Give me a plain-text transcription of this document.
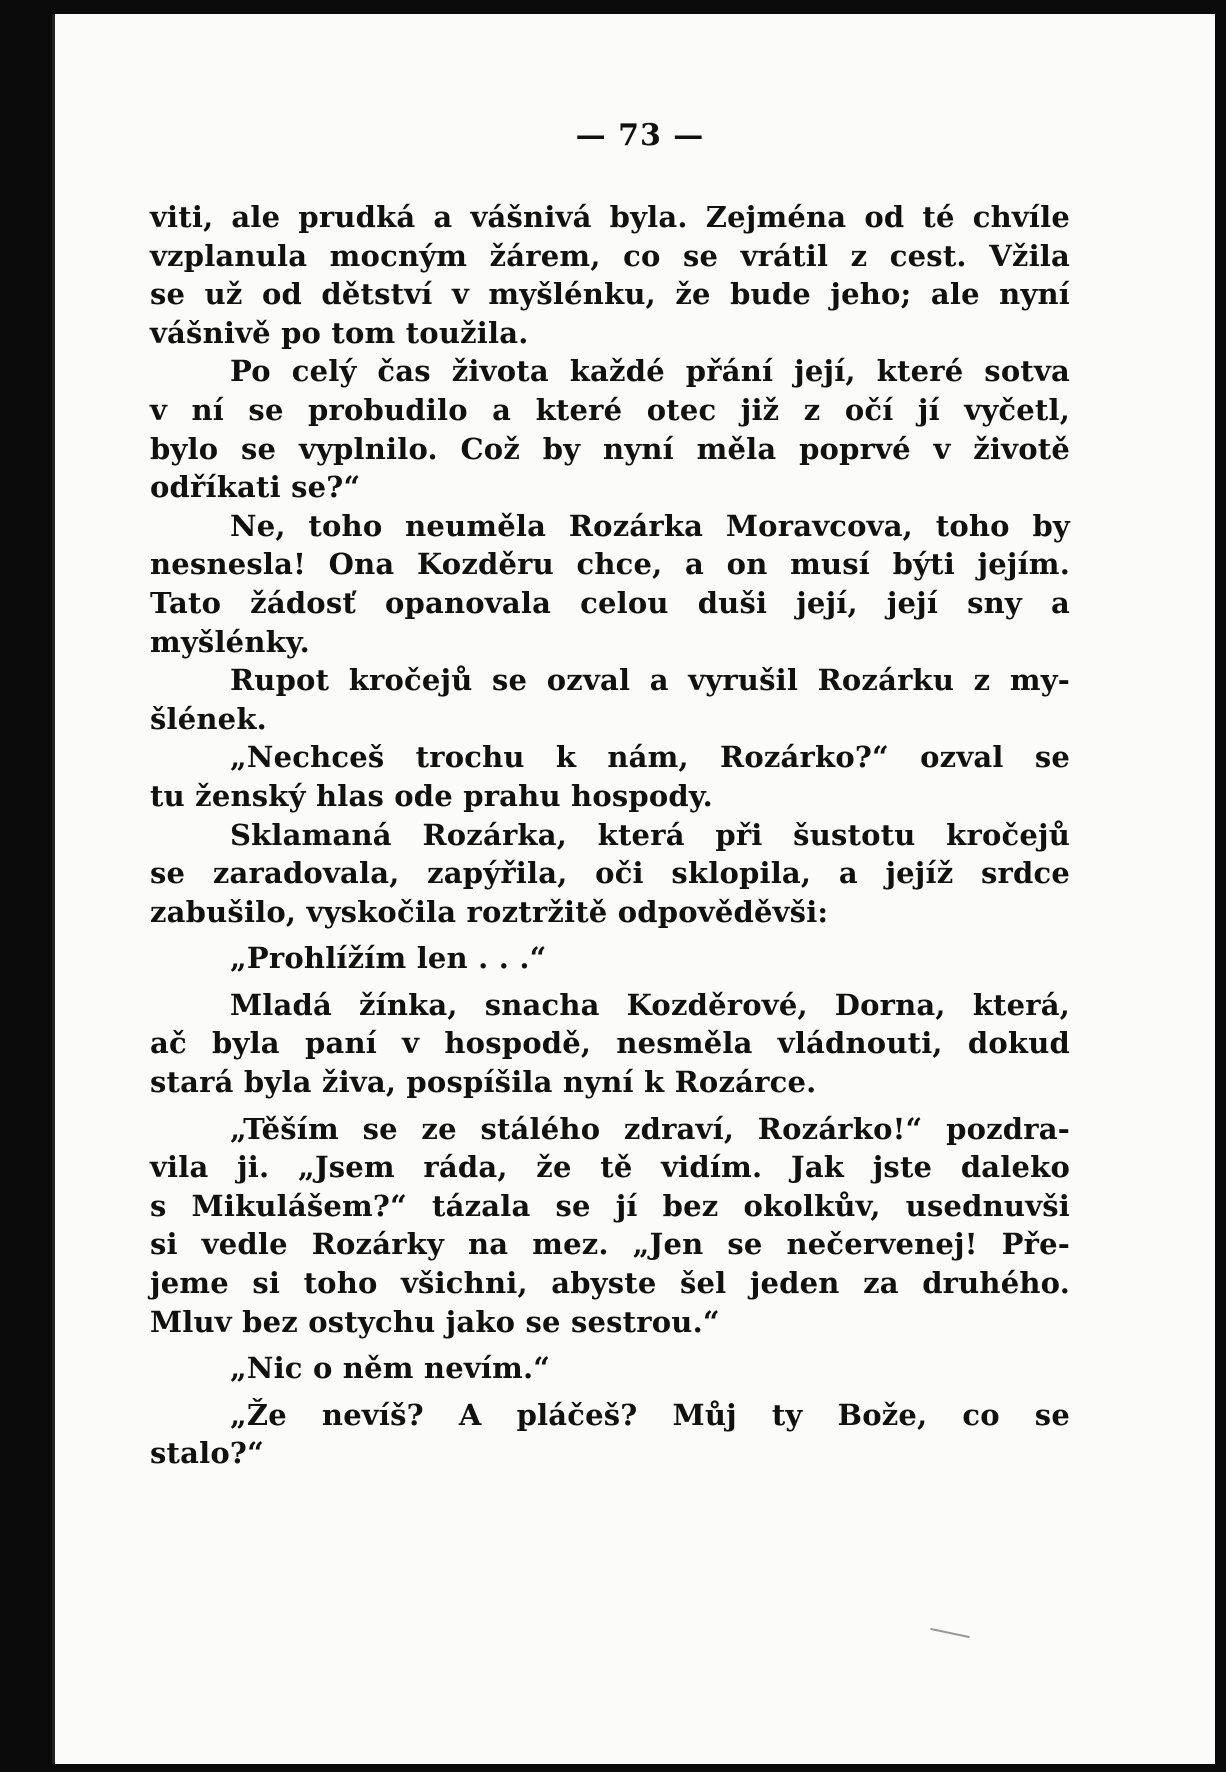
— 73 —
viti, ale prudká a vášnivá byla. Zejména od té chvíle
vzplanula mocným žárem, co se vrátil z cest. Vžila
se už od dětství v myšlénku, že bude jeho; ale nyní
vášnivě po tom toužila.
Po celý čas života každé přání její, které sotva
v ní se probudilo a které otec již z očí jí vyčetl,
bylo se vyplnilo. Což by nyní měla poprvé v životě
odříkati se?“
Ne, toho neuměla Rozárka Moravcova, toho by
nesnesla! Ona Kozděru chce, a on musí býti jejím.
Tato žádosť opanovala celou duši její, její sny a
myšlénky.
Rupot kročejů se ozval a vyrušil Rozárku z my-
šlének.
„Nechceš trochu k nám, Rozárko?“ ozval se
tu ženský hlas ode prahu hospody.
Sklamaná Rozárka, která při šustotu kročejů
se zaradovala, zapýřila, oči sklopila, a jejíž srdce
zabušilo, vyskočila roztržitě odpověděvši:
„Prohlížím len . . .“
Mladá žínka, snacha Kozděrové, Dorna, která,
ač byla paní v hospodě, nesměla vládnouti, dokud
stará byla živa, pospíšila nyní k Rozárce.
„Těším se ze stálého zdraví, Rozárko!“ pozdra-
vila ji. „Jsem ráda, že tě vidím. Jak jste daleko
s Mikulášem?“ tázala se jí bez okolkův, usednuvši
si vedle Rozárky na mez. „Jen se nečervenej! Pře-
jeme si toho všichni, abyste šel jeden za druhého.
Mluv bez ostychu jako se sestrou.“
„Nic o něm nevím.“
„Že nevíš? A pláčeš? Můj ty Bože, co se
stalo?“
